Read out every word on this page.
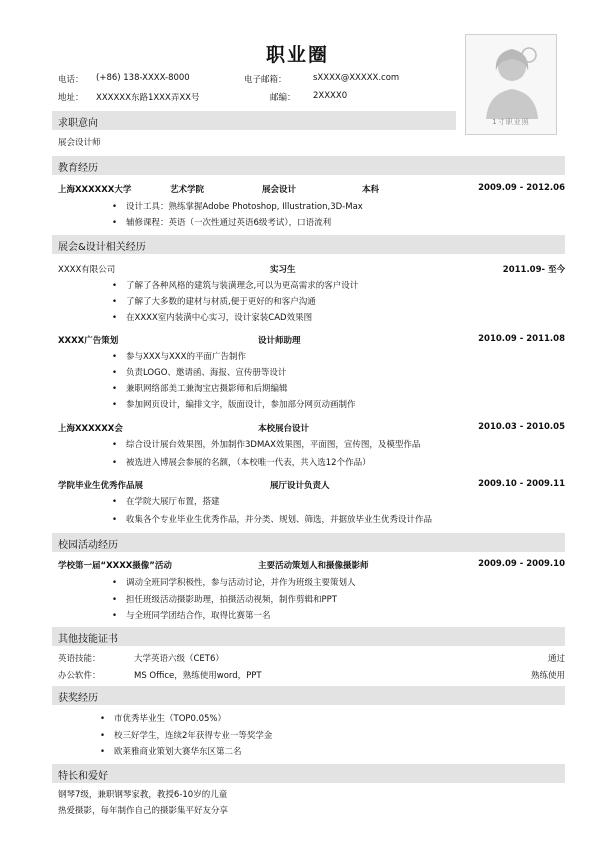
职业圈
电话： (+86) 138-XXXX-8000	电子邮箱：	sXXXX@XXXXX.com
地址： XXXXXX东路1XXX弄XX号	邮编： 2XXXX0
1寸职业照
求职意向
展会设计师
教育经历
上海XXXXXX大学	艺术学院	展会设计	本科	2009.09 - 2012.06
• 设计工具：熟练掌握Adobe Photoshop, Illustration,3D-Max
• 辅修课程：英语（一次性通过英语6级考试），口语流利
展会&设计相关经历
XXXX有限公司	实习生	2011.09- 至今
• 了解了各种风格的建筑与装潢理念,可以为更高需求的客户设计
• 了解了大多数的建材与材质,便于更好的和客户沟通
• 在XXXX室内装潢中心实习，设计家装CAD效果图
XXXX广告策划	设计师助理	2010.09 - 2011.08
• 参与XXX与XXX的平面广告制作
• 负责LOGO、邀请函、海报、宣传册等设计
• 兼职网络部美工兼淘宝店摄影师和后期编辑
• 参加网页设计，编排文字，版面设计，参加部分网页动画制作
上海XXXXXX会	本校展台设计	2010.03 - 2010.05
• 综合设计展台效果图，外加制作3DMAX效果图，平面图，宣传图，及模型作品
• 被选进入博展会参展的名额，（本校唯一代表，共入选12个作品）
学院毕业生优秀作品展	展厅设计负责人	2009.10 - 2009.11
• 在学院大展厅布置，搭建
• 收集各个专业毕业生优秀作品，并分类、规划、筛选，并据放毕业生优秀设计作品
校园活动经历
学校第一届“XXXX摄像”活动	主要活动策划人和摄像摄影师	2009.09 - 2009.10
• 调动全班同学积极性，参与活动讨论，并作为班级主要策划人
• 担任班级活动摄影助理，拍摄活动视频，制作剪辑和PPT
• 与全班同学团结合作，取得比赛第一名
其他技能证书
英语技能：	大学英语六级（CET6）	通过
办公软件：	MS Office，熟练使用word，PPT	熟练使用
获奖经历
• 市优秀毕业生（TOP0.05%）
• 校三好学生，连续2年获得专业一等奖学金
• 欧莱雅商业策划大赛华东区第二名
特长和爱好
钢琴7级，兼职钢琴家教，教授6-10岁的儿童
热爱摄影，每年制作自己的摄影集平好友分享
